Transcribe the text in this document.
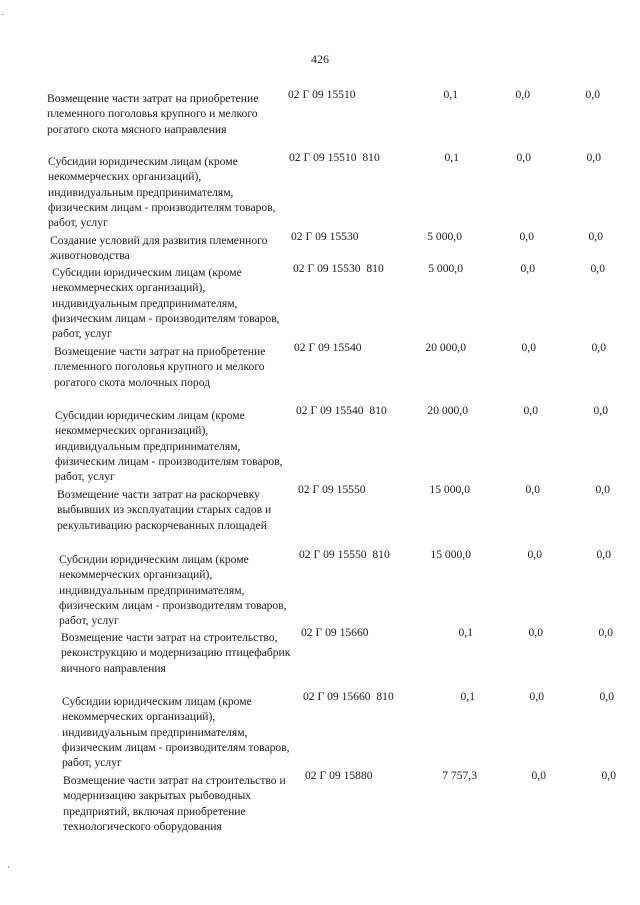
426
Возмещение части затрат на приобретение племенного поголовья крупного и мелкого рогатого скота мясного направления
02 Г 09 15510	0,1	0,0	0,0
Субсидии юридическим лицам (кроме некоммерческих организаций), индивидуальным предпринимателям, физическим лицам - производителям товаров, работ, услуг
02 Г 09 15510  810	0,1	0,0	0,0
Создание условий для развития племенного животноводства
02 Г 09 15530	5 000,0	0,0	0,0
Субсидии юридическим лицам (кроме некоммерческих организаций), индивидуальным предпринимателям, физическим лицам - производителям товаров, работ, услуг
02 Г 09 15530  810	5 000,0	0,0	0,0
Возмещение части затрат на приобретение племенного поголовья крупного и мелкого рогатого скота молочных пород
02 Г 09 15540	20 000,0	0,0	0,0
Субсидии юридическим лицам (кроме некоммерческих организаций), индивидуальным предпринимателям, физическим лицам - производителям товаров, работ, услуг
02 Г 09 15540  810	20 000,0	0,0	0,0
Возмещение части затрат на раскорчевку выбывших из эксплуатации старых садов и рекультивацию раскорчеванных площадей
02 Г 09 15550	15 000,0	0,0	0,0
Субсидии юридическим лицам (кроме некоммерческих организаций), индивидуальным предпринимателям, физическим лицам - производителям товаров, работ, услуг
02 Г 09 15550  810	15 000,0	0,0	0,0
Возмещение части затрат на строительство, реконструкцию и модернизацию птицефабрик яичного направления
02 Г 09 15660	0,1	0,0	0,0
Субсидии юридическим лицам (кроме некоммерческих организаций), индивидуальным предпринимателям, физическим лицам - производителям товаров, работ, услуг
02 Г 09 15660  810	0,1	0,0	0,0
Возмещение части затрат на строительство и модернизацию закрытых рыбоводных предприятий, включая приобретение технологического оборудования
02 Г 09 15880	7 757,3	0,0	0,0
